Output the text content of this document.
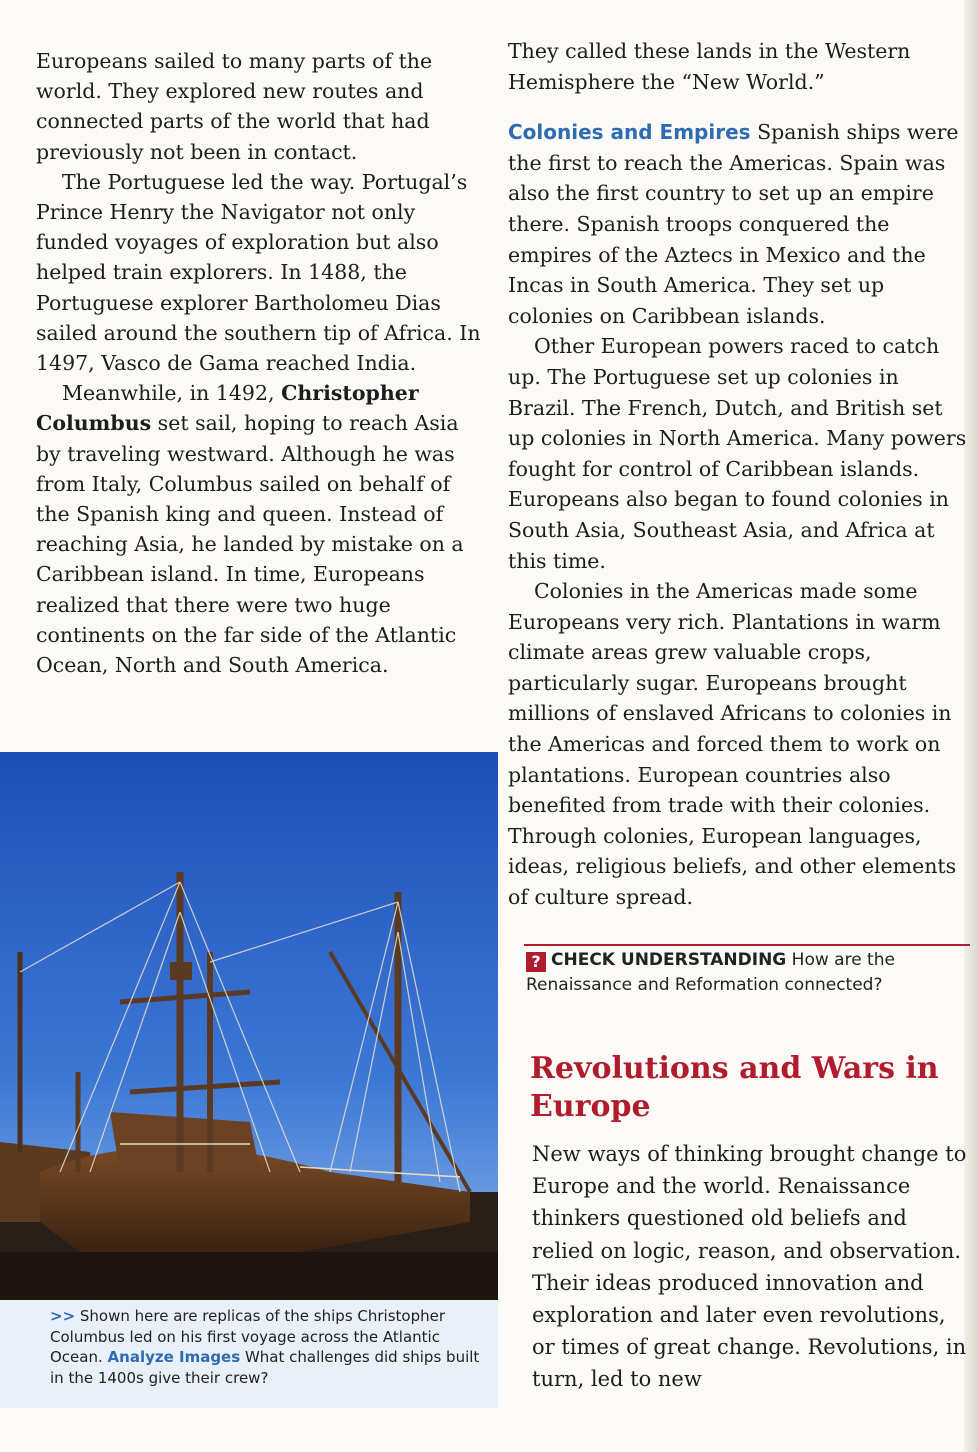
Europeans sailed to many parts of the world. They explored new routes and connected parts of the world that had previously not been in contact.

The Portuguese led the way. Portugal’s Prince Henry the Navigator not only funded voyages of exploration but also helped train explorers. In 1488, the Portuguese explorer Bartholomeu Dias sailed around the southern tip of Africa. In 1497, Vasco de Gama reached India.

Meanwhile, in 1492, Christopher Columbus set sail, hoping to reach Asia by traveling westward. Although he was from Italy, Columbus sailed on behalf of the Spanish king and queen. Instead of reaching Asia, he landed by mistake on a Caribbean island. In time, Europeans realized that there were two huge continents on the far side of the Atlantic Ocean, North and South America.

They called these lands in the Western Hemisphere the “New World.”

Colonies and Empires Spanish ships were the first to reach the Americas. Spain was also the first country to set up an empire there. Spanish troops conquered the empires of the Aztecs in Mexico and the Incas in South America. They set up colonies on Caribbean islands.

Other European powers raced to catch up. The Portuguese set up colonies in Brazil. The French, Dutch, and British set up colonies in North America. Many powers fought for control of Caribbean islands. Europeans also began to found colonies in South Asia, Southeast Asia, and Africa at this time.

Colonies in the Americas made some Europeans very rich. Plantations in warm climate areas grew valuable crops, particularly sugar. Europeans brought millions of enslaved Africans to colonies in the Americas and forced them to work on plantations. European countries also benefited from trade with their colonies. Through colonies, European languages, ideas, religious beliefs, and other elements of culture spread.

>> Shown here are replicas of the ships Christopher Columbus led on his first voyage across the Atlantic Ocean. Analyze Images What challenges did ships built in the 1400s give their crew?
? CHECK UNDERSTANDING How are the Renaissance and Reformation connected?
Revolutions and Wars in Europe

New ways of thinking brought change to Europe and the world. Renaissance thinkers questioned old beliefs and relied on logic, reason, and observation. Their ideas produced innovation and exploration and later even revolutions, or times of great change. Revolutions, in turn, led to new
